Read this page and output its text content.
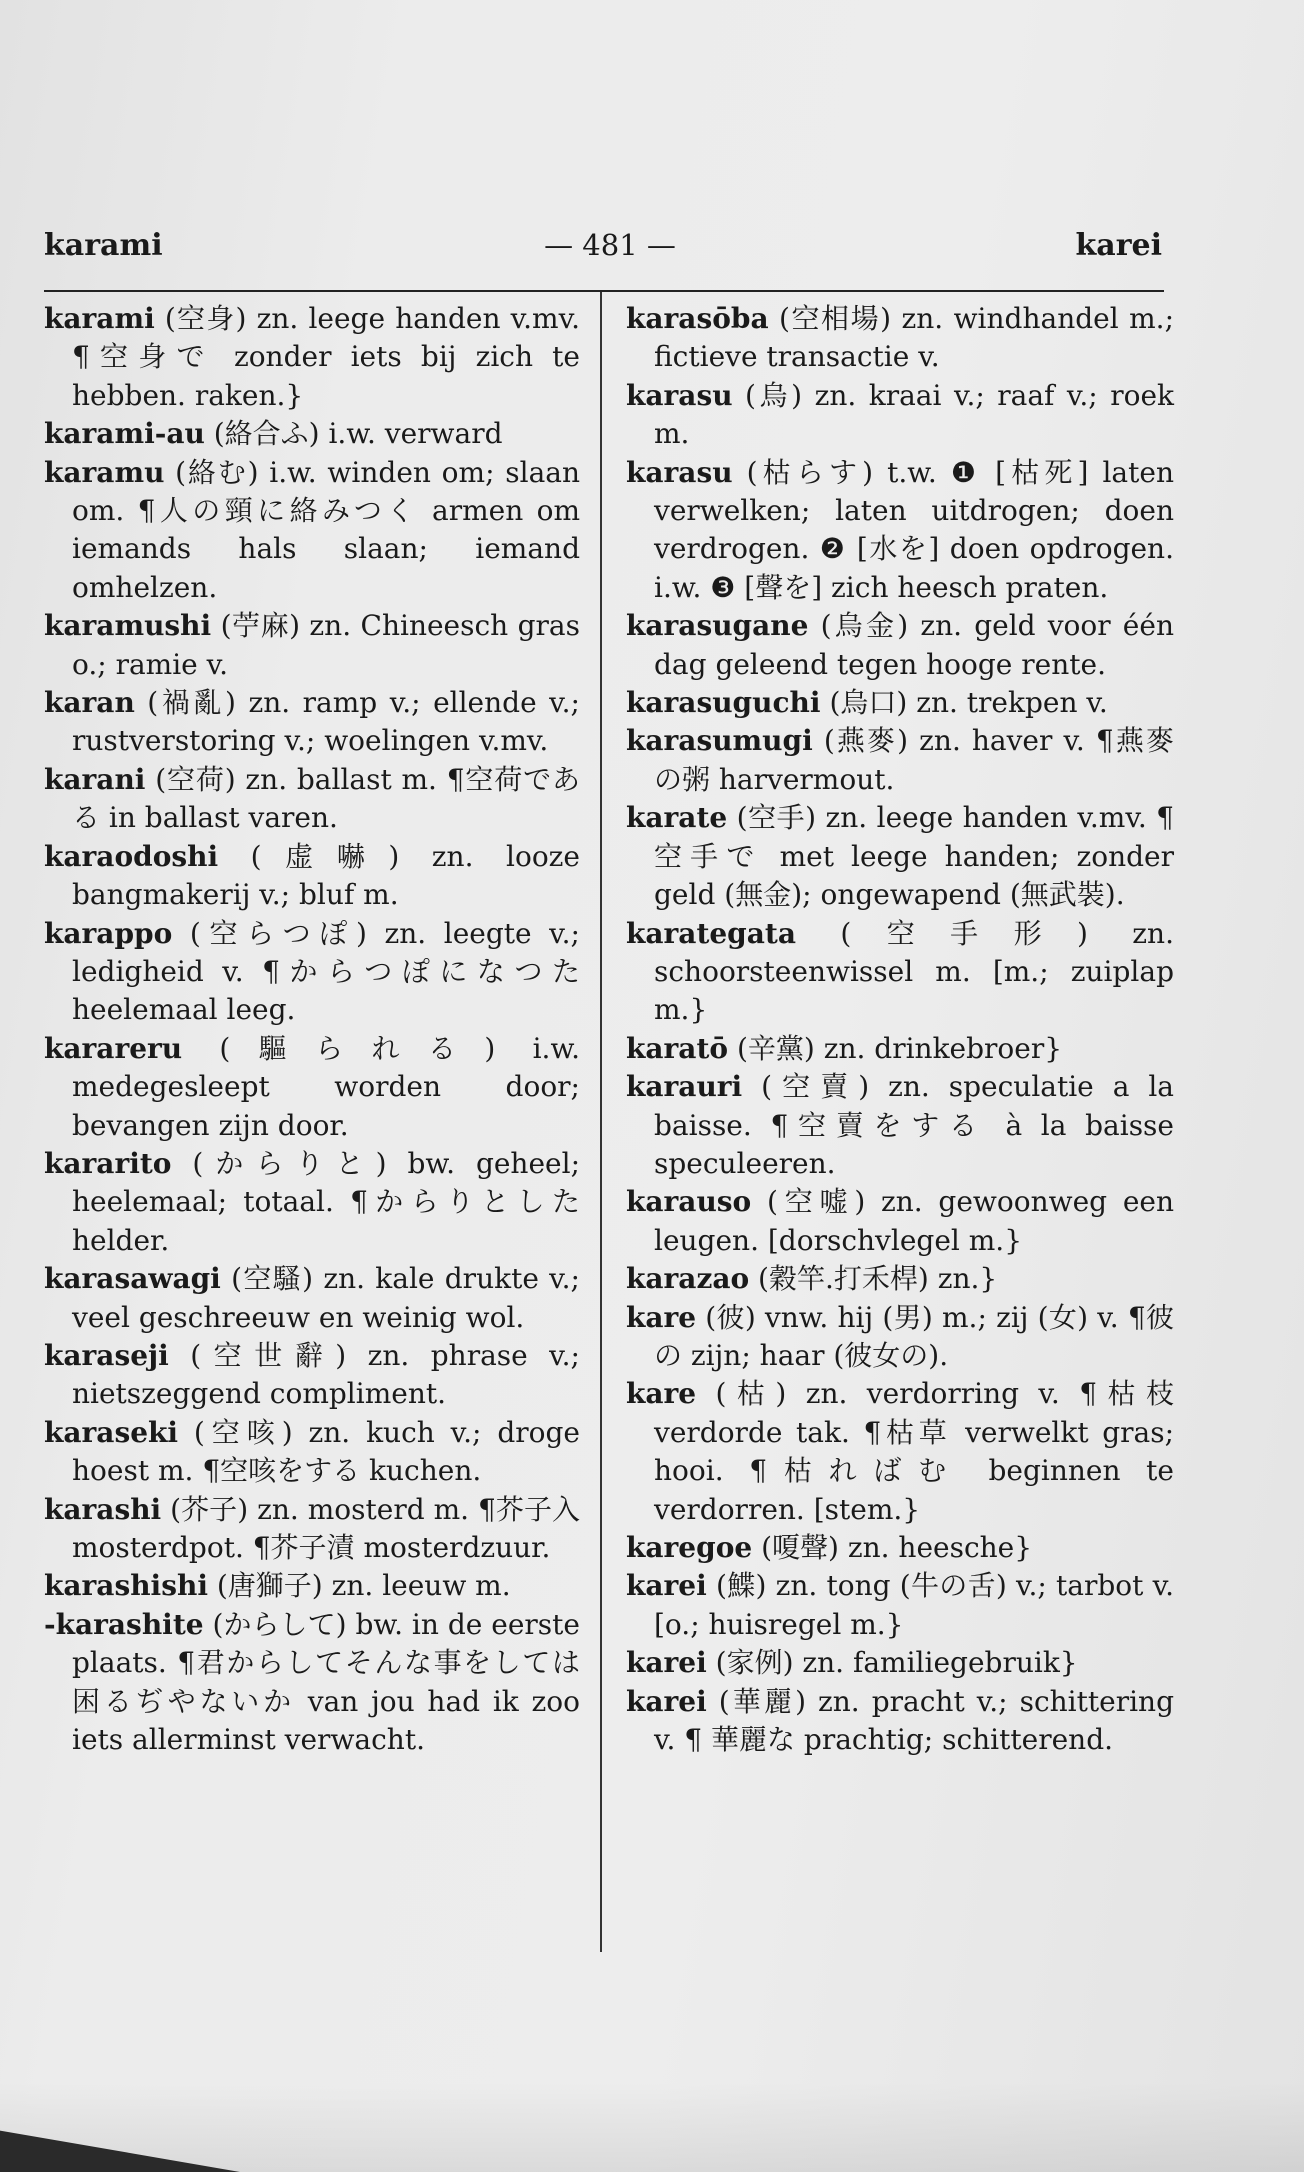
karami	— 481 —	karei

karami (空身) zn. leege handen v.mv. ¶空身で zonder iets bij zich te hebben. raken.}

karami-au (絡合ふ) i.w. verward

karamu (絡む) i.w. winden om; slaan om. ¶人の頸に絡みつく armen om iemands hals slaan; iemand omhelzen.

karamushi (苧麻) zn. Chineesch gras o.; ramie v.

karan (禍亂) zn. ramp v.; ellende v.; rustverstoring v.; woelingen v.mv.

karani (空荷) zn. ballast m. ¶空荷である in ballast varen.

karaodoshi (虚嚇) zn. looze bangmakerij v.; bluf m.

karappo (空らつぽ) zn. leegte v.; ledigheid v. ¶からつぽになつた heelemaal leeg.

karareru (驅られる) i.w. medegesleept worden door; bevangen zijn door.

kararito (からりと) bw. geheel; heelemaal; totaal. ¶からりとした helder.

karasawagi (空騷) zn. kale drukte v.; veel geschreeuw en weinig wol.

karaseji (空世辭) zn. phrase v.; nietszeggend compliment.

karaseki (空咳) zn. kuch v.; droge hoest m. ¶空咳をする kuchen.

karashi (芥子) zn. mosterd m. ¶芥子入 mosterdpot. ¶芥子漬 mosterdzuur.

karashishi (唐獅子) zn. leeuw m.

-karashite (からして) bw. in de eerste plaats. ¶君からしてそんな事をしては困るぢやないか van jou had ik zoo iets allerminst verwacht.

karasōba (空相場) zn. windhandel m.; fictieve transactie v.

karasu (烏) zn. kraai v.; raaf v.; roek m.

karasu (枯らす) t.w. ❶ [枯死] laten verwelken; laten uitdrogen; doen verdrogen. ❷ [水を] doen opdrogen. i.w. ❸ [聲を] zich heesch praten.

karasugane (烏金) zn. geld voor één dag geleend tegen hooge rente.

karasuguchi (烏口) zn. trekpen v.

karasumugi (燕麥) zn. haver v. ¶燕麥の粥 harvermout.

karate (空手) zn. leege handen v.mv. ¶空手で met leege handen; zonder geld (無金); ongewapend (無武裝).

karategata (空手形) zn. schoorsteenwissel m. [m.; zuiplap m.}

karatō (辛黨) zn. drinkebroer}

karauri (空賣) zn. speculatie a la baisse. ¶空賣をする à la baisse speculeeren.

karauso (空嘘) zn. gewoonweg een leugen. [dorschvlegel m.}

karazao (穀竿.打禾桿) zn.}

kare (彼) vnw. hij (男) m.; zij (女) v. ¶彼の zijn; haar (彼女の).

kare (枯) zn. verdorring v. ¶枯枝 verdorde tak. ¶枯草 verwelkt gras; hooi. ¶枯ればむ beginnen te verdorren. [stem.}

karegoe (嗄聲) zn. heesche}

karei (鰈) zn. tong (牛の舌) v.; tarbot v. [o.; huisregel m.}

karei (家例) zn. familiegebruik}

karei (華麗) zn. pracht v.; schittering v. ¶ 華麗な prachtig; schitterend.
